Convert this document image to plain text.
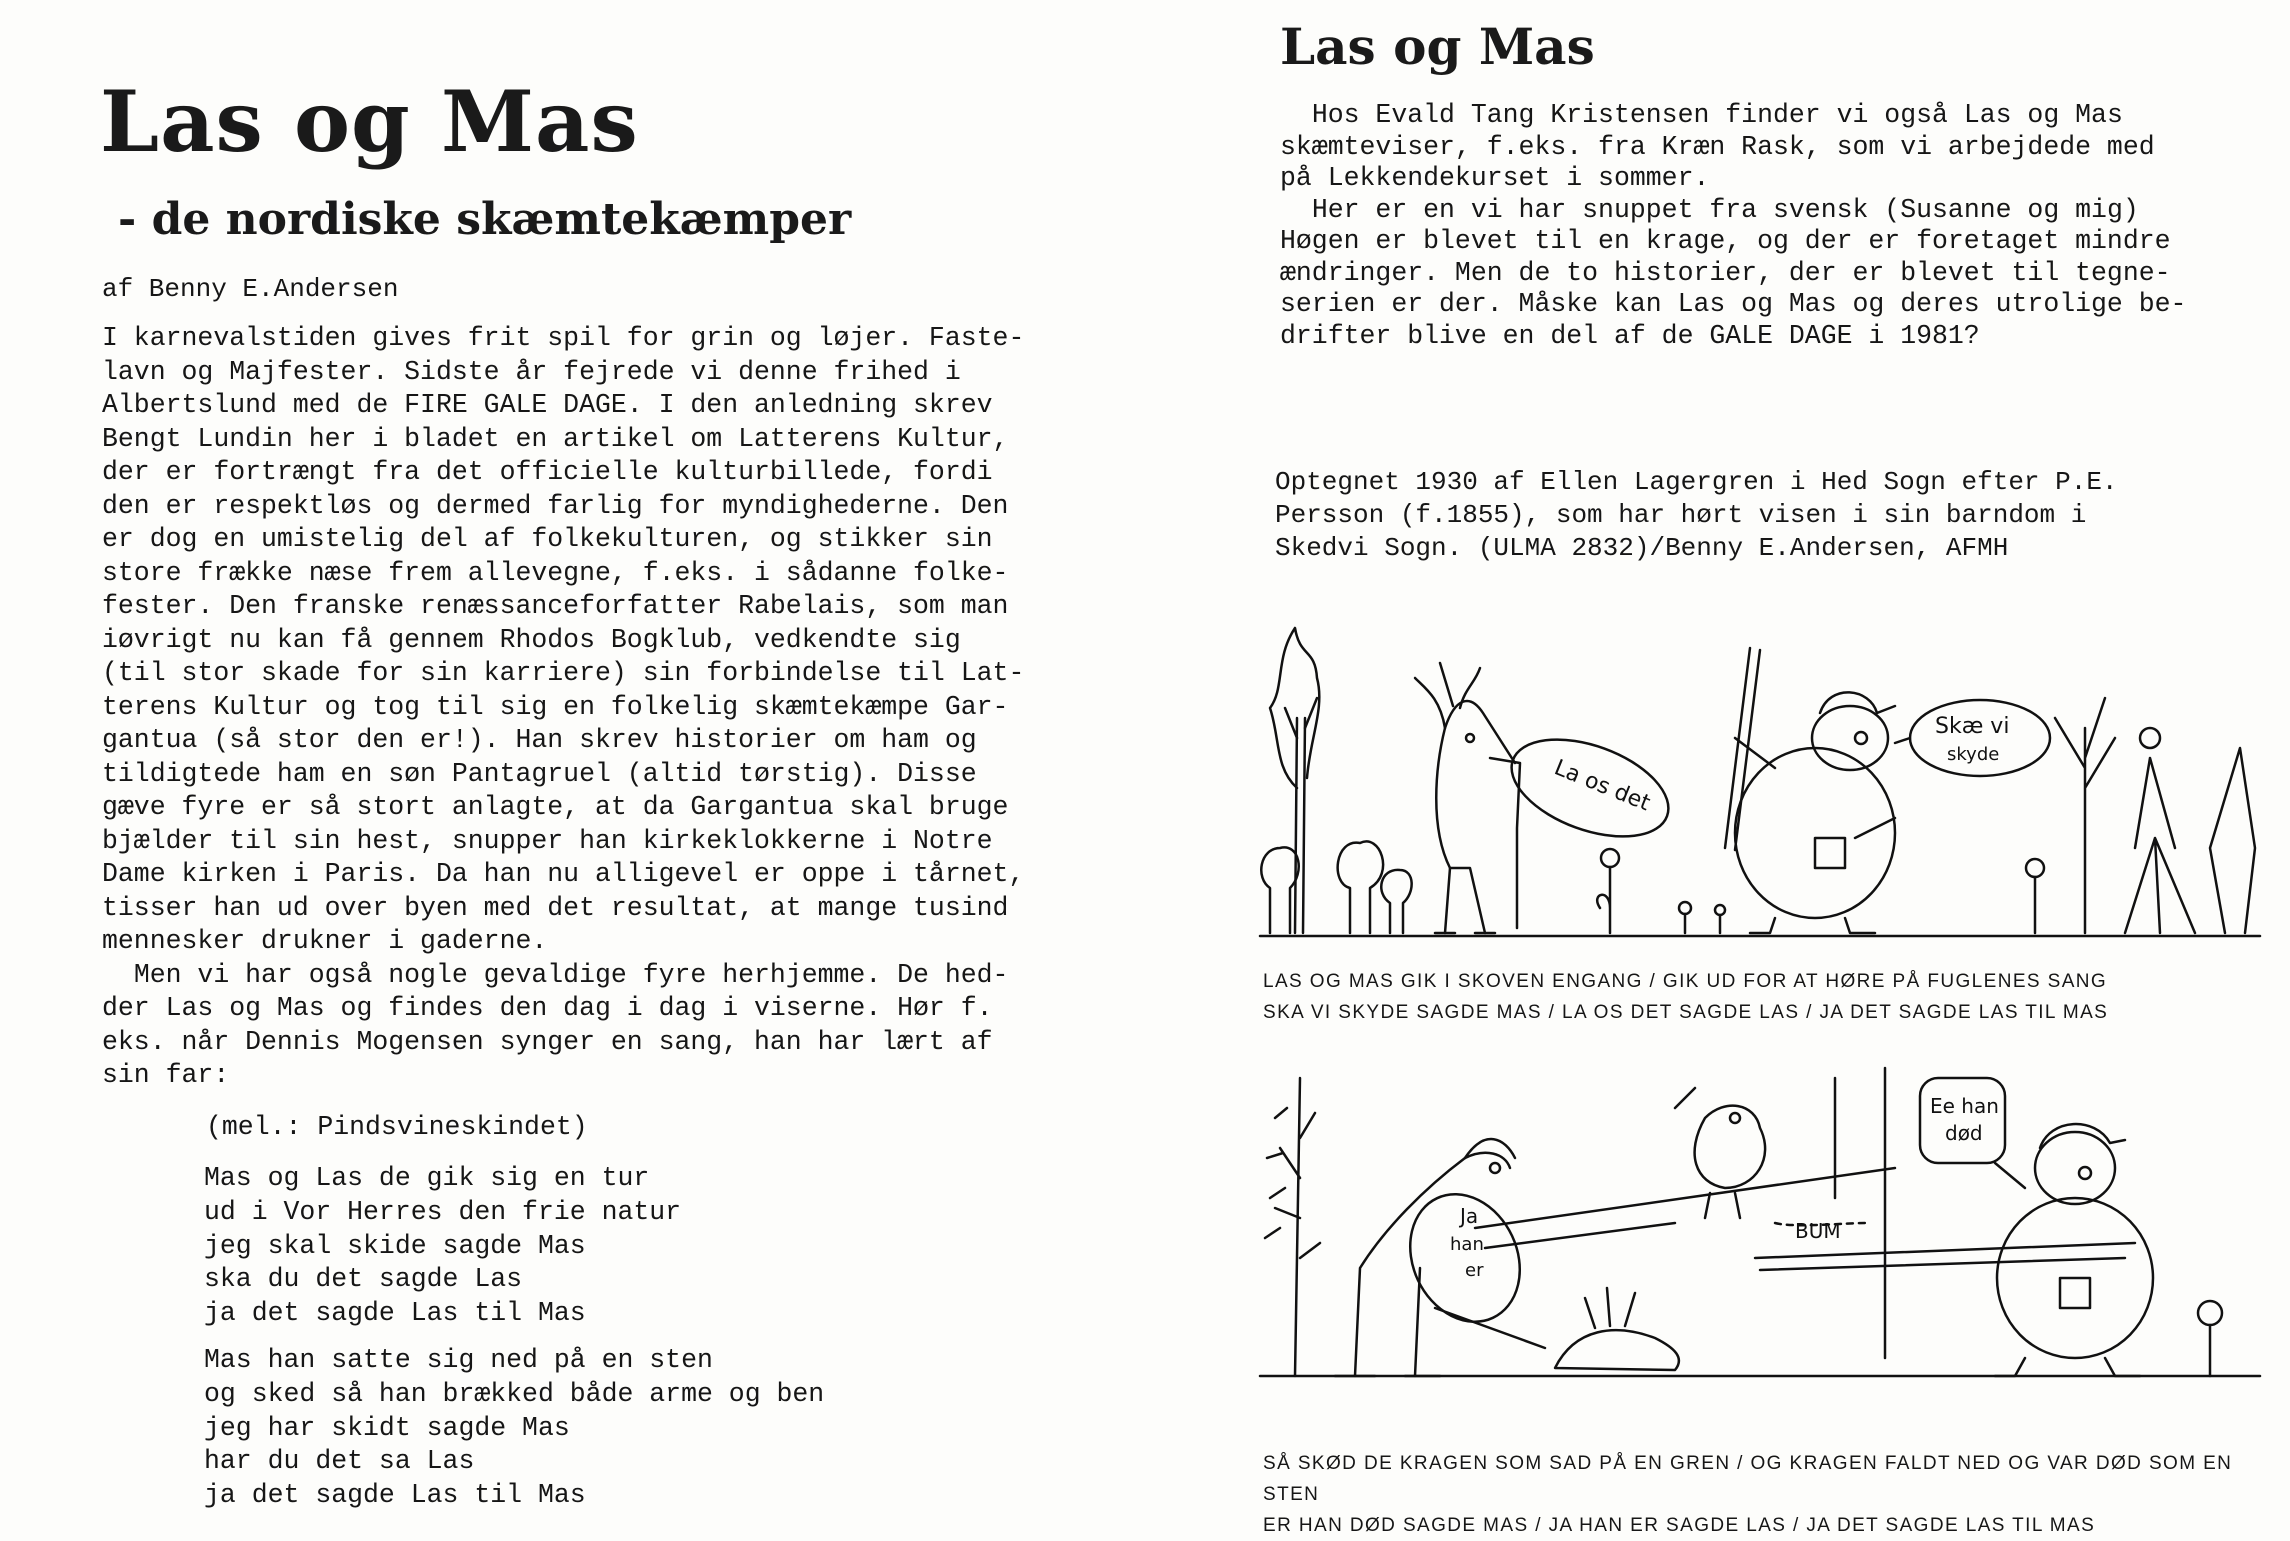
Las og Mas
- de nordiske skæmtekæmper
af Benny E.Andersen

I karnevalstiden gives frit spil for grin og løjer. Faste-
lavn og Majfester. Sidste år fejrede vi denne frihed i
Albertslund med de FIRE GALE DAGE. I den anledning skrev
Bengt Lundin her i bladet en artikel om Latterens Kultur,
der er fortrængt fra det officielle kulturbillede, fordi
den er respektløs og dermed farlig for myndighederne. Den
er dog en umistelig del af folkekulturen, og stikker sin
store frække næse frem allevegne, f.eks. i sådanne folke-
fester. Den franske renæssanceforfatter Rabelais, som man
iøvrigt nu kan få gennem Rhodos Bogklub, vedkendte sig
(til stor skade for sin karriere) sin forbindelse til Lat-
terens Kultur og tog til sig en folkelig skæmtekæmpe Gar-
gantua (så stor den er!). Han skrev historier om ham og
tildigtede ham en søn Pantagruel (altid tørstig). Disse
gæve fyre er så stort anlagte, at da Gargantua skal bruge
bjælder til sin hest, snupper han kirkeklokkerne i Notre
Dame kirken i Paris. Da han nu alligevel er oppe i tårnet,
tisser han ud over byen med det resultat, at mange tusind
mennesker drukner i gaderne.
Men vi har også nogle gevaldige fyre herhjemme. De hed-
der Las og Mas og findes den dag i dag i viserne. Hør f.
eks. når Dennis Mogensen synger en sang, han har lært af
sin far:

(mel.: Pindsvineskindet)

Mas og Las de gik sig en tur
ud i Vor Herres den frie natur
jeg skal skide sagde Mas
ska du det sagde Las
ja det sagde Las til Mas

Mas han satte sig ned på en sten
og sked så han brækked både arme og ben
jeg har skidt sagde Mas
har du det sa Las
ja det sagde Las til Mas

Las og Mas

Hos Evald Tang Kristensen finder vi også Las og Mas
skæmteviser, f.eks. fra Kræn Rask, som vi arbejdede med
på Lekkendekurset i sommer.
Her er en vi har snuppet fra svensk (Susanne og mig)
Høgen er blevet til en krage, og der er foretaget mindre
ændringer. Men de to historier, der er blevet til tegne-
serien er der. Måske kan Las og Mas og deres utrolige be-
drifter blive en del af de GALE DAGE i 1981?

Optegnet 1930 af Ellen Lagergren i Hed Sogn efter P.E.
Persson (f.1855), som har hørt visen i sin barndom i
Skedvi Sogn. (ULMA 2832)/Benny E.Andersen, AFMH

La os det
Skæ vi
skyde

LAS OG MAS GIK I SKOVEN ENGANG / GIK UD FOR AT HØRE PÅ FUGLENES SANG
SKA VI SKYDE SAGDE MAS / LA OS DET SAGDE LAS / JA DET SAGDE LAS TIL MAS

Ja
han
er
BUM
Ee han
død

SÅ SKØD DE KRAGEN SOM SAD PÅ EN GREN / OG KRAGEN FALDT NED OG VAR DØD SOM EN STEN
ER HAN DØD SAGDE MAS / JA HAN ER SAGDE LAS / JA DET SAGDE LAS TIL MAS
